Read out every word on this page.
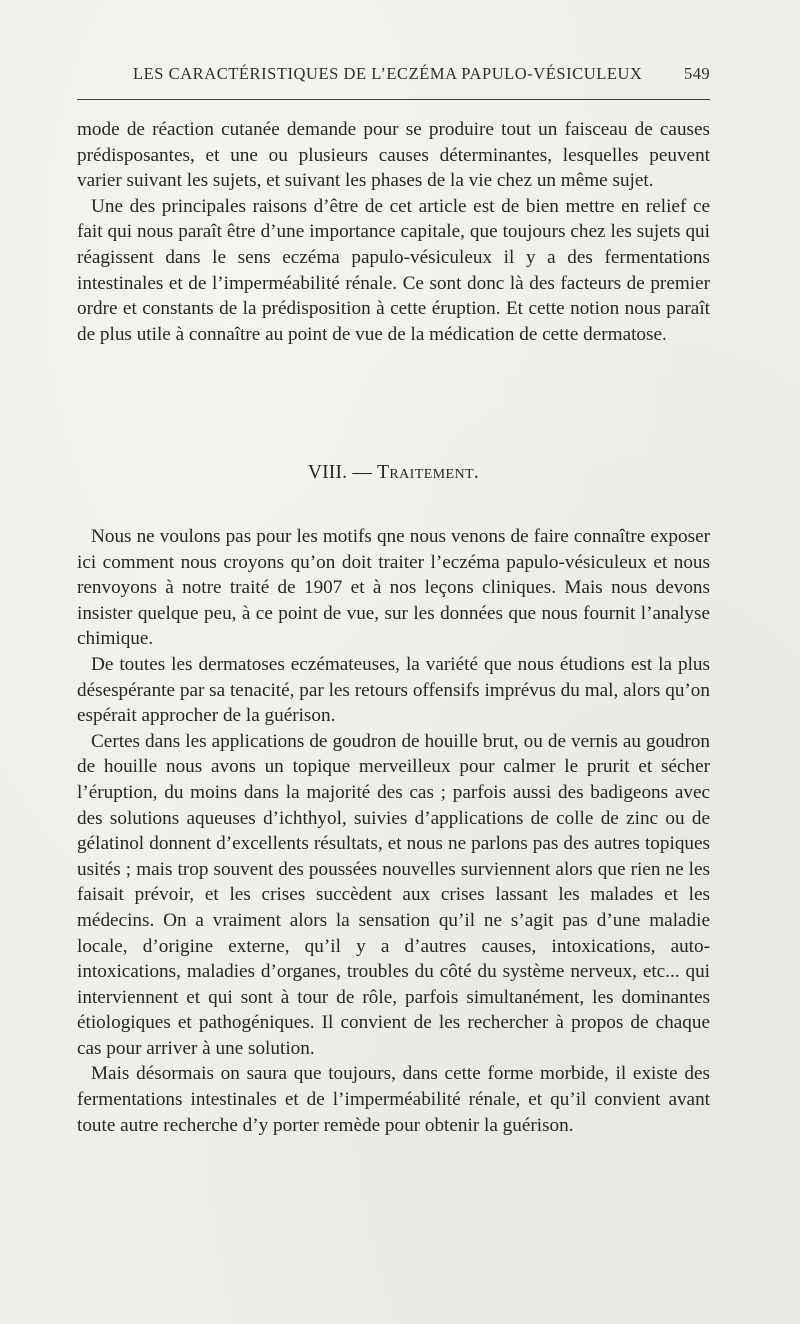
LES CARACTÉRISTIQUES DE L’ECZÉMA PAPULO-VÉSICULEUX	549

mode de réaction cutanée demande pour se produire tout un faisceau de causes prédisposantes, et une ou plusieurs causes déterminantes, lesquelles peuvent varier suivant les sujets, et suivant les phases de la vie chez un même sujet.

Une des principales raisons d’être de cet article est de bien mettre en relief ce fait qui nous paraît être d’une importance capitale, que toujours chez les sujets qui réagissent dans le sens eczéma papulo-vésiculeux il y a des fermentations intestinales et de l’imperméabilité rénale. Ce sont donc là des facteurs de premier ordre et constants de la prédisposition à cette éruption. Et cette notion nous paraît de plus utile à connaître au point de vue de la médication de cette dermatose.

VIII. — Traitement.

Nous ne voulons pas pour les motifs qne nous venons de faire connaître exposer ici comment nous croyons qu’on doit traiter l’eczéma papulo-vésiculeux et nous renvoyons à notre traité de 1907 et à nos leçons cliniques. Mais nous devons insister quelque peu, à ce point de vue, sur les données que nous fournit l’analyse chimique.

De toutes les dermatoses eczémateuses, la variété que nous étudions est la plus désespérante par sa tenacité, par les retours offensifs imprévus du mal, alors qu’on espérait approcher de la guérison.

Certes dans les applications de goudron de houille brut, ou de vernis au goudron de houille nous avons un topique merveilleux pour calmer le prurit et sécher l’éruption, du moins dans la majorité des cas ; parfois aussi des badigeons avec des solutions aqueuses d’ichthyol, suivies d’applications de colle de zinc ou de gélatinol donnent d’excellents résultats, et nous ne parlons pas des autres topiques usités ; mais trop souvent des poussées nouvelles surviennent alors que rien ne les faisait prévoir, et les crises succèdent aux crises lassant les malades et les médecins. On a vraiment alors la sensation qu’il ne s’agit pas d’une maladie locale, d’origine externe, qu’il y a d’autres causes, intoxications, auto-intoxications, maladies d’organes, troubles du côté du système nerveux, etc... qui interviennent et qui sont à tour de rôle, parfois simultanément, les dominantes étiologiques et pathogéniques. Il convient de les rechercher à propos de chaque cas pour arriver à une solution.

Mais désormais on saura que toujours, dans cette forme morbide, il existe des fermentations intestinales et de l’imperméabilité rénale, et qu’il convient avant toute autre recherche d’y porter remède pour obtenir la guérison.
